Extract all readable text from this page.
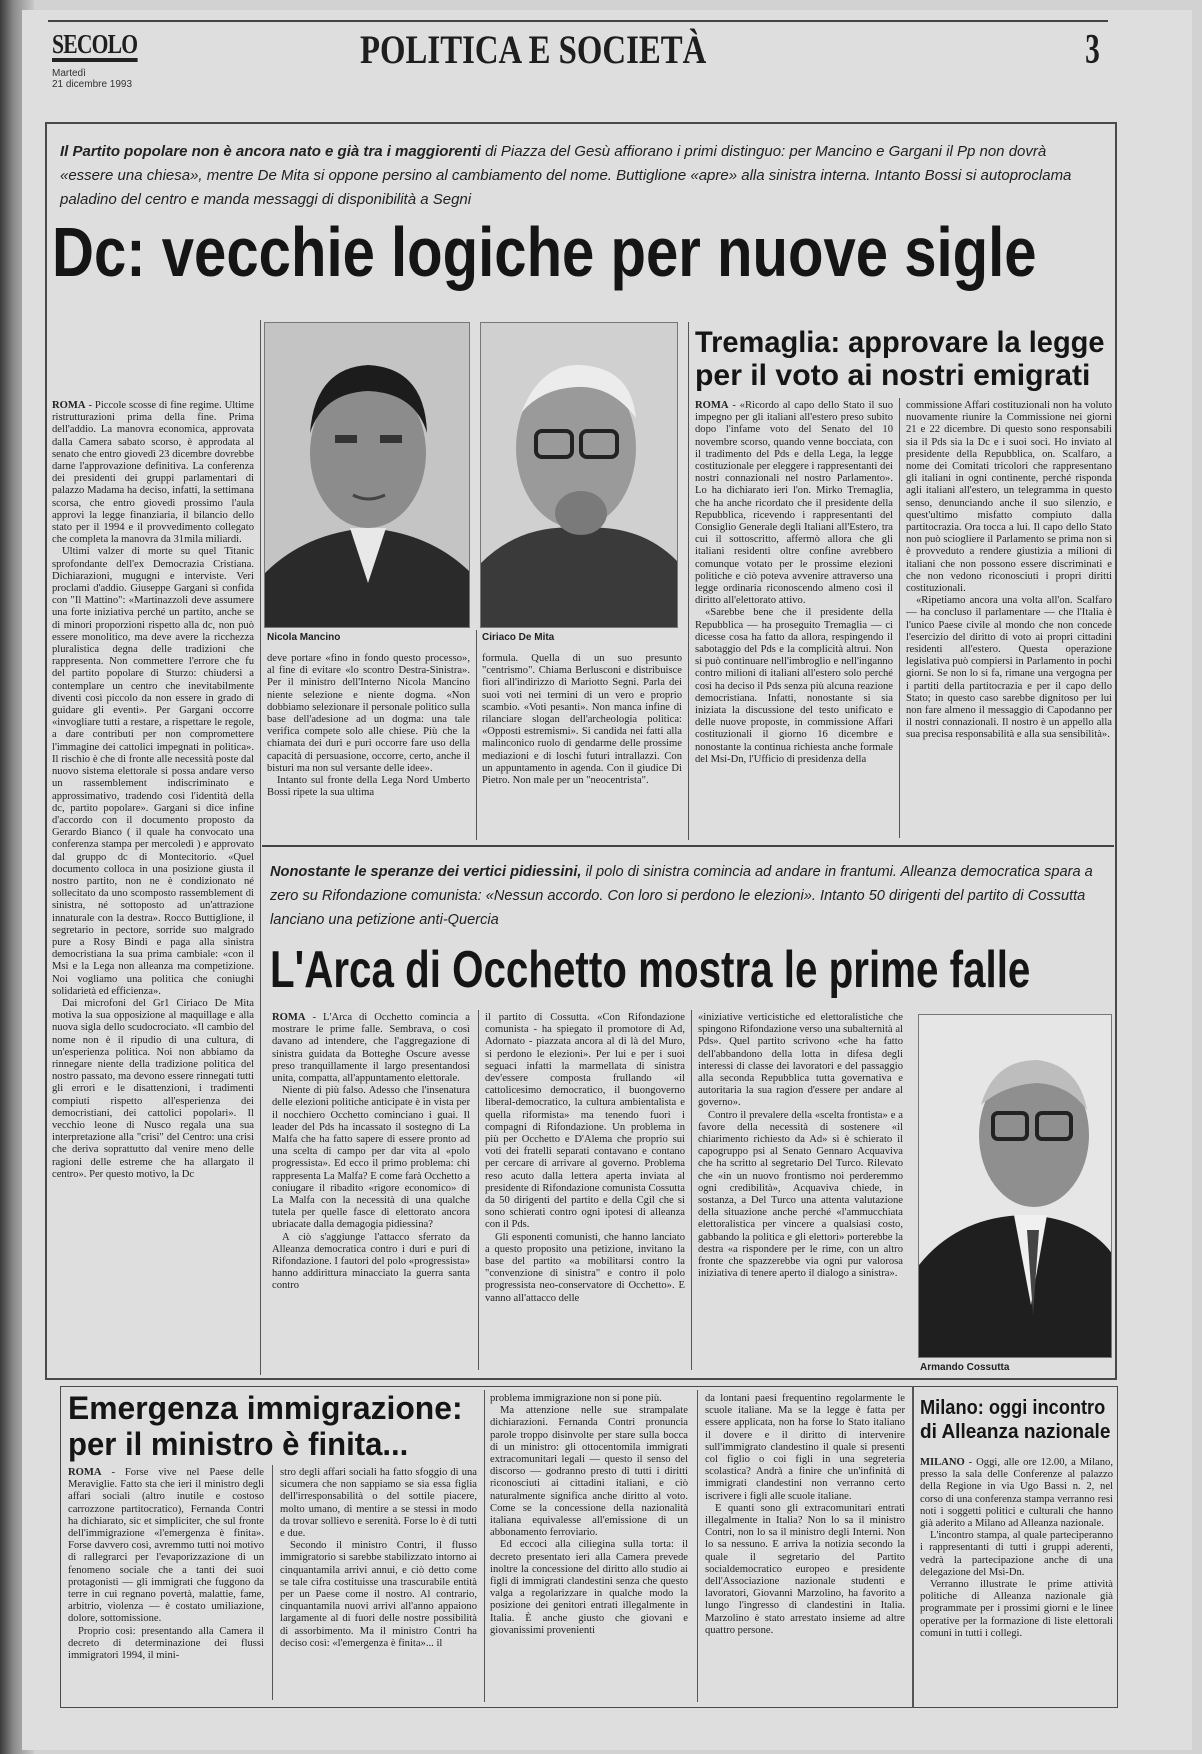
SECOLO
Martedì
21 dicembre 1993
POLITICA E SOCIETÀ	3
Il Partito popolare non è ancora nato e già tra i maggiorenti di Piazza del Gesù affiorano i primi distinguo: per Mancino e Gargani il Pp non dovrà «essere una chiesa», mentre De Mita si oppone persino al cambiamento del nome. Buttiglione «apre» alla sinistra interna. Intanto Bossi si autoproclama paladino del centro e manda messaggi di disponibilità a Segni
Dc: vecchie logiche per nuove sigle

ROMA - Piccole scosse di fine regime. Ultime ristrutturazioni prima della fine. Prima dell'addio. La manovra economica, approvata dalla Camera sabato scorso, è approdata al senato che entro giovedì 23 dicembre dovrebbe darne l'approvazione definitiva. La conferenza dei presidenti dei gruppi parlamentari di palazzo Madama ha deciso, infatti, la settimana scorsa, che entro giovedì prossimo l'aula approvi la legge finanziaria, il bilancio dello stato per il 1994 e il provvedimento collegato che completa la manovra da 31mila miliardi.

Ultimi valzer di morte su quel Titanic sprofondante dell'ex Democrazia Cristiana. Dichiarazioni, mugugni e interviste. Veri proclami d'addio. Giuseppe Gargani si confida con "Il Mattino": «Martinazzoli deve assumere una forte iniziativa perché un partito, anche se di minori proporzioni rispetto alla dc, non può essere monolitico, ma deve avere la ricchezza pluralistica degna delle tradizioni che rappresenta. Non commettere l'errore che fu del partito popolare di Sturzo: chiudersi a contemplare un centro che inevitabilmente diventi così piccolo da non essere in grado di guidare gli eventi». Per Gargani occorre «invogliare tutti a restare, a rispettare le regole, a dare contributi per non compromettere l'immagine dei cattolici impegnati in politica». Il rischio è che di fronte alle necessità poste dal nuovo sistema elettorale si possa andare verso un rassemblement indiscriminato e approssimativo, tradendo così l'identità della dc, partito popolare». Gargani si dice infine d'accordo con il documento proposto da Gerardo Bianco ( il quale ha convocato una conferenza stampa per mercoledì ) e approvato dal gruppo dc di Montecitorio. «Quel documento colloca in una posizione giusta il nostro partito, non ne è condizionato né sollecitato da uno scomposto rassemblement di sinistra, né sottoposto ad un'attrazione innaturale con la destra». Rocco Buttiglione, il segretario in pectore, sorride suo malgrado pure a Rosy Bindi e paga alla sinistra democristiana la sua prima cambiale: «con il Msi e la Lega non alleanza ma competizione. Noi vogliamo una politica che coniughi solidarietà ed efficienza».

Dai microfoni del Gr1 Ciriaco De Mita motiva la sua opposizione al maquillage e alla nuova sigla dello scudocrociato. «Il cambio del nome non è il ripudio di una cultura, di un'esperienza politica. Noi non abbiamo da rinnegare niente della tradizione politica del nostro passato, ma devono essere rinnegati tutti gli errori e le disattenzioni, i tradimenti compiuti rispetto all'esperienza dei democristiani, dei cattolici popolari». Il vecchio leone di Nusco regala una sua interpretazione alla "crisi" del Centro: una crisi che deriva soprattutto dal venire meno delle ragioni delle estreme che ha allargato il centro». Per questo motivo, la Dc

Nicola Mancino	Ciriaco De Mita

deve portare «fino in fondo questo processo», al fine di evitare «lo scontro Destra-Sinistra». Per il ministro dell'Interno Nicola Mancino niente selezione e niente dogma. «Non dobbiamo selezionare il personale politico sulla base dell'adesione ad un dogma: una tale verifica compete solo alle chiese. Più che la chiamata dei duri e puri occorre fare uso della capacità di persuasione, occorre, certo, anche il bisturi ma non sul versante delle idee».

Intanto sul fronte della Lega Nord Umberto Bossi ripete la sua ultima

formula. Quella di un suo presunto "centrismo". Chiama Berlusconi e distribuisce fiori all'indirizzo di Mariotto Segni. Parla dei suoi voti nei termini di un vero e proprio scambio. «Voti pesanti». Non manca infine di rilanciare slogan dell'archeologia politica: «Opposti estremismi». Si candida nei fatti alla malinconico ruolo di gendarme delle prossime mediazioni e di loschi futuri intrallazzi. Con un appuntamento in agenda. Con il giudice Di Pietro. Non male per un "neocentrista".

Tremaglia: approvare la legge
per il voto ai nostri emigrati

ROMA - «Ricordo al capo dello Stato il suo impegno per gli italiani all'estero preso subito dopo l'infame voto del Senato del 10 novembre scorso, quando venne bocciata, con il tradimento del Pds e della Lega, la legge costituzionale per eleggere i rappresentanti dei nostri connazionali nel nostro Parlamento». Lo ha dichiarato ieri l'on. Mirko Tremaglia, che ha anche ricordato che il presidente della Repubblica, ricevendo i rappresentanti del Consiglio Generale degli Italiani all'Estero, tra cui il sottoscritto, affermò allora che gli italiani residenti oltre confine avrebbero comunque votato per le prossime elezioni politiche e ciò poteva avvenire attraverso una legge ordinaria riconoscendo almeno così il diritto all'elettorato attivo.

«Sarebbe bene che il presidente della Repubblica — ha proseguito Tremaglia — ci dicesse cosa ha fatto da allora, respingendo il sabotaggio del Pds e la complicità altrui. Non si può continuare nell'imbroglio e nell'inganno contro milioni di italiani all'estero solo perché così ha deciso il Pds senza più alcuna reazione democristiana. Infatti, nonostante si sia iniziata la discussione del testo unificato e delle nuove proposte, in commissione Affari costituzionali il giorno 16 dicembre e nonostante la continua richiesta anche formale del Msi-Dn, l'Ufficio di presidenza della

commissione Affari costituzionali non ha voluto nuovamente riunire la Commissione nei giorni 21 e 22 dicembre. Di questo sono responsabili sia il Pds sia la Dc e i suoi soci. Ho inviato al presidente della Repubblica, on. Scalfaro, a nome dei Comitati tricolori che rappresentano gli italiani in ogni continente, perché risponda agli italiani all'estero, un telegramma in questo senso, denunciando anche il suo silenzio, e quest'ultimo misfatto compiuto dalla partitocrazia. Ora tocca a lui. Il capo dello Stato non può sciogliere il Parlamento se prima non si è provveduto a rendere giustizia a milioni di italiani che non possono essere discriminati e che non vedono riconosciuti i propri diritti costituzionali.

«Ripetiamo ancora una volta all'on. Scalfaro — ha concluso il parlamentare — che l'Italia è l'unico Paese civile al mondo che non concede l'esercizio del diritto di voto ai propri cittadini residenti all'estero. Questa operazione legislativa può compiersi in Parlamento in pochi giorni. Se non lo si fa, rimane una vergogna per i partiti della partitocrazia e per il capo dello Stato; in questo caso sarebbe dignitoso per lui non fare almeno il messaggio di Capodanno per il nostri connazionali. Il nostro è un appello alla sua precisa responsabilità e alla sua sensibilità».

Nonostante le speranze dei vertici pidiessini, il polo di sinistra comincia ad andare in frantumi. Alleanza democratica spara a zero su Rifondazione comunista: «Nessun accordo. Con loro si perdono le elezioni». Intanto 50 dirigenti del partito di Cossutta lanciano una petizione anti-Quercia
L'Arca di Occhetto mostra le prime falle

ROMA - L'Arca di Occhetto comincia a mostrare le prime falle. Sembrava, o così davano ad intendere, che l'aggregazione di sinistra guidata da Botteghe Oscure avesse preso tranquillamente il largo presentandosi unita, compatta, all'appuntamento elettorale.

Niente di più falso. Adesso che l'insenatura delle elezioni politiche anticipate è in vista per il nocchiero Occhetto cominciano i guai. Il leader del Pds ha incassato il sostegno di La Malfa che ha fatto sapere di essere pronto ad una scelta di campo per dar vita al «polo progressista». Ed ecco il primo problema: chi rappresenta La Malfa? E come farà Occhetto a coniugare il ribadito «rigore economico» di La Malfa con la necessità di una qualche tutela per quelle fasce di elettorato ancora ubriacate dalla demagogia pidiessina?

A ciò s'aggiunge l'attacco sferrato da Alleanza democratica contro i duri e puri di Rifondazione. I fautori del polo «progressista» hanno addirittura minacciato la guerra santa contro

il partito di Cossutta. «Con Rifondazione comunista - ha spiegato il promotore di Ad, Adornato - piazzata ancora al di là del Muro, si perdono le elezioni». Per lui e per i suoi seguaci infatti la marmellata di sinistra dev'essere composta frullando «il cattolicesimo democratico, il buongoverno liberal-democratico, la cultura ambientalista e quella riformista» ma tenendo fuori i compagni di Rifondazione. Un problema in più per Occhetto e D'Alema che proprio sui voti dei fratelli separati contavano e contano per cercare di arrivare al governo. Problema reso acuto dalla lettera aperta inviata al presidente di Rifondazione comunista Cossutta da 50 dirigenti del partito e della Cgil che si sono schierati contro ogni ipotesi di alleanza con il Pds.

Gli esponenti comunisti, che hanno lanciato a questo proposito una petizione, invitano la base del partito «a mobilitarsi contro la "convenzione di sinistra" e contro il polo progressista neo-conservatore di Occhetto». E vanno all'attacco delle

«iniziative verticistiche ed elettoralistiche che spingono Rifondazione verso una subalternità al Pds». Quel partito scrivono «che ha fatto dell'abbandono della lotta in difesa degli interessi di classe dei lavoratori e del passaggio alla seconda Repubblica tutta governativa e autoritaria la sua ragion d'essere per andare al governo».

Contro il prevalere della «scelta frontista» e a favore della necessità di sostenere «il chiarimento richiesto da Ad» si è schierato il capogruppo psi al Senato Gennaro Acquaviva che ha scritto al segretario Del Turco. Rilevato che «in un nuovo frontismo noi perderemmo ogni credibilità», Acquaviva chiede, in sostanza, a Del Turco una attenta valutazione della situazione anche perché «l'ammucchiata elettoralistica per vincere a qualsiasi costo, gabbando la politica e gli elettori» porterebbe la destra «a rispondere per le rime, con un altro fronte che spazzerebbe via ogni pur valorosa iniziativa di tenere aperto il dialogo a sinistra».

Armando Cossutta
Emergenza immigrazione:
per il ministro è finita...

ROMA - Forse vive nel Paese delle Meraviglie. Fatto sta che ieri il ministro degli affari sociali (altro inutile e costoso carrozzone partitocratico), Fernanda Contri ha dichiarato, sic et simpliciter, che sul fronte dell'immigrazione «l'emergenza è finita». Forse davvero così, avremmo tutti noi motivo di rallegrarci per l'evaporizzazione di un fenomeno sociale che a tanti dei suoi protagonisti — gli immigrati che fuggono da terre in cui regnano povertà, malattie, fame, arbitrio, violenza — è costato umiliazione, dolore, sottomissione.

Proprio così: presentando alla Camera il decreto di determinazione dei flussi immigratori 1994, il mini-

stro degli affari sociali ha fatto sfoggio di una sicumera che non sappiamo se sia essa figlia dell'irresponsabilità o del sottile piacere, molto umano, di mentire a se stessi in modo da trovar sollievo e serenità. Forse lo è di tutti e due.

Secondo il ministro Contri, il flusso immigratorio si sarebbe stabilizzato intorno ai cinquantamila arrivi annui, e ciò detto come se tale cifra costituisse una trascurabile entità per un Paese come il nostro. Al contrario, cinquantamila nuovi arrivi all'anno appaiono largamente al di fuori delle nostre possibilità di assorbimento. Ma il ministro Contri ha deciso così: «l'emergenza è finita»... il

problema immigrazione non si pone più.

Ma attenzione nelle sue strampalate dichiarazioni. Fernanda Contri pronuncia parole troppo disinvolte per stare sulla bocca di un ministro: gli ottocentomila immigrati extracomunitari legali — questo il senso del discorso — godranno presto di tutti i diritti riconosciuti ai cittadini italiani, e ciò naturalmente significa anche diritto al voto. Come se la concessione della nazionalità italiana equivalesse all'emissione di un abbonamento ferroviario.

Ed eccoci alla ciliegina sulla torta: il decreto presentato ieri alla Camera prevede inoltre la concessione del diritto allo studio ai figli di immigrati clandestini senza che questo valga a regolarizzare in qualche modo la posizione dei genitori entrati illegalmente in Italia. È anche giusto che giovani e giovanissimi provenienti

da lontani paesi frequentino regolarmente le scuole italiane. Ma se la legge è fatta per essere applicata, non ha forse lo Stato italiano il dovere e il diritto di intervenire sull'immigrato clandestino il quale si presenti col figlio o coi figli in una segreteria scolastica? Andrà a finire che un'infinità di immigrati clandestini non verranno certo iscrivere i figli alle scuole italiane.

E quanti sono gli extracomunitari entrati illegalmente in Italia? Non lo sa il ministro Contri, non lo sa il ministro degli Interni. Non lo sa nessuno. E arriva la notizia secondo la quale il segretario del Partito socialdemocratico europeo e presidente dell'Associazione nazionale studenti e lavoratori, Giovanni Marzolino, ha favorito a lungo l'ingresso di clandestini in Italia. Marzolino è stato arrestato insieme ad altre quattro persone.

Milano: oggi incontro
di Alleanza nazionale

MILANO - Oggi, alle ore 12.00, a Milano, presso la sala delle Conferenze al palazzo della Regione in via Ugo Bassi n. 2, nel corso di una conferenza stampa verranno resi noti i soggetti politici e culturali che hanno già aderito a Milano ad Alleanza nazionale.

L'incontro stampa, al quale parteciperanno i rappresentanti di tutti i gruppi aderenti, vedrà la partecipazione anche di una delegazione del Msi-Dn.

Verranno illustrate le prime attività politiche di Alleanza nazionale già programmate per i prossimi giorni e le linee operative per la formazione di liste elettorali comuni in tutti i collegi.
